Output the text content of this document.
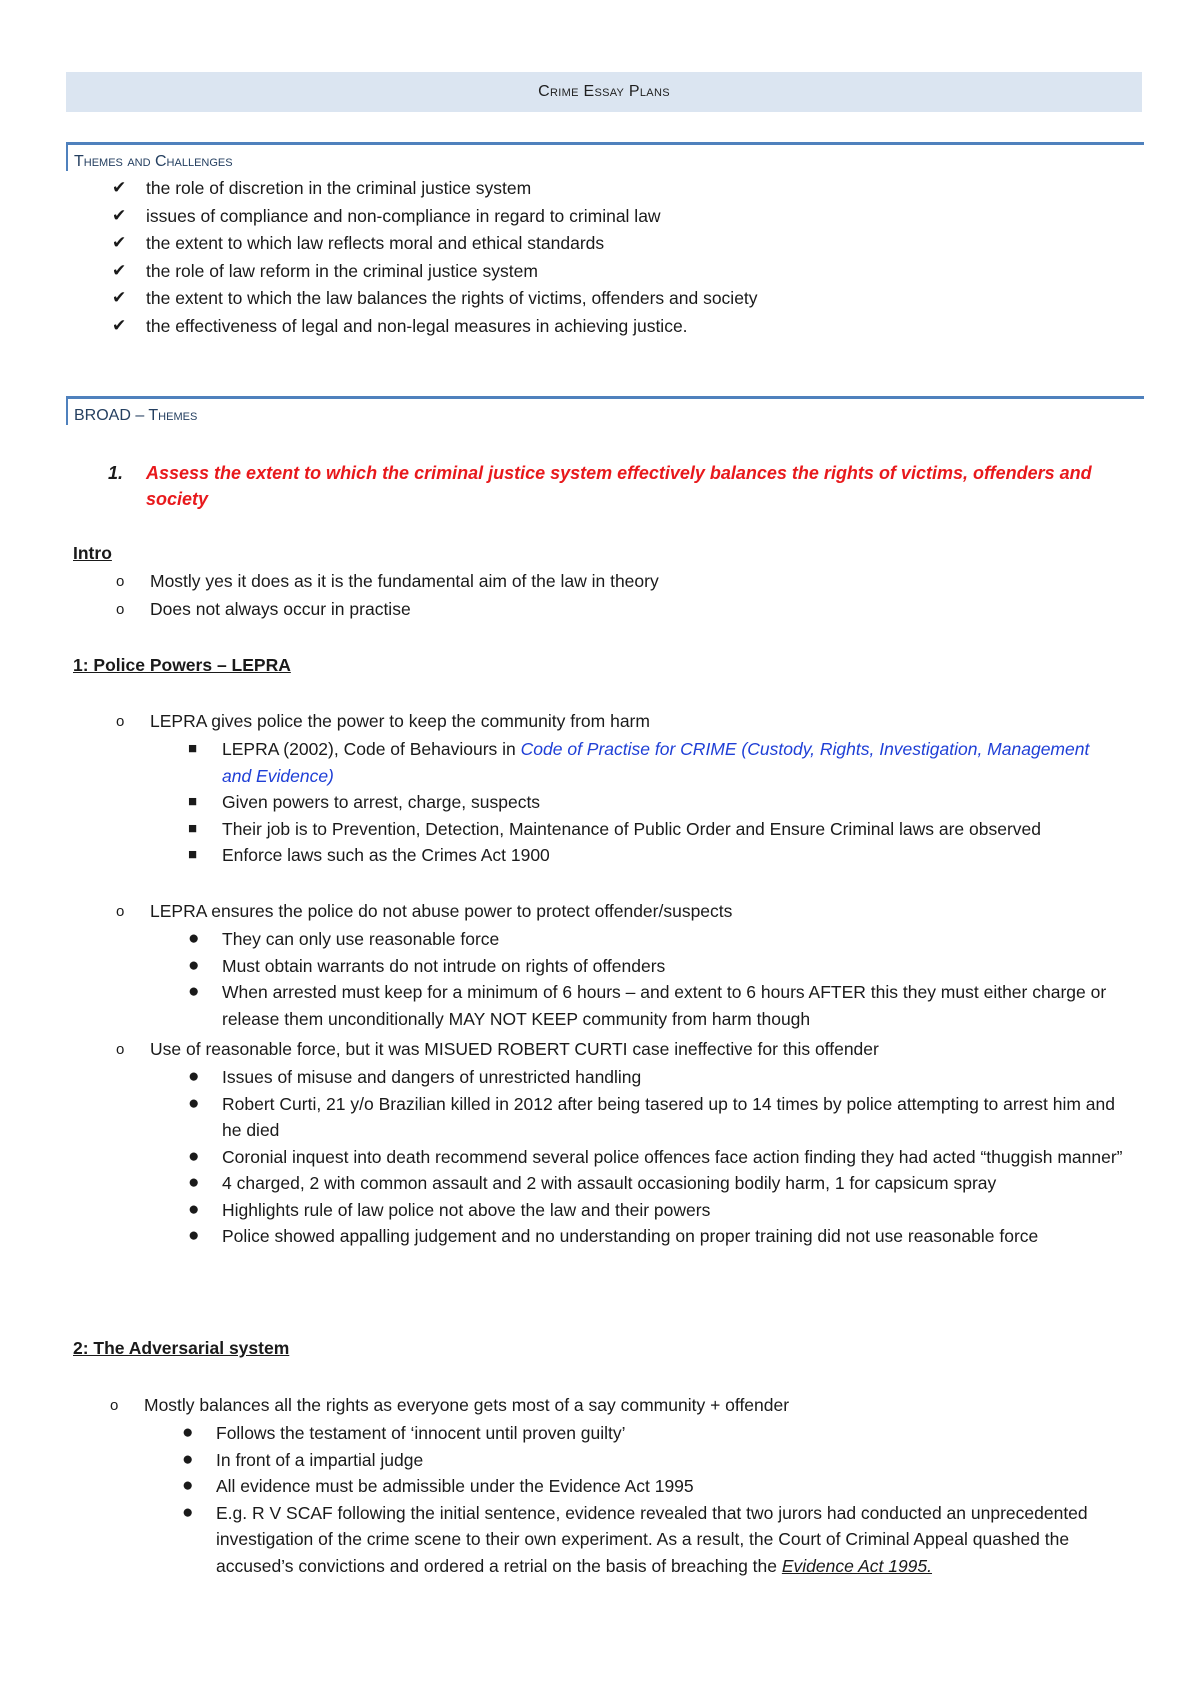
Crime Essay Plans
Themes and Challenges
✔	the role of discretion in the criminal justice system
✔	issues of compliance and non-compliance in regard to criminal law
✔	the extent to which law reflects moral and ethical standards
✔	the role of law reform in the criminal justice system
✔	the extent to which the law balances the rights of victims, offenders and society
✔	the effectiveness of legal and non-legal measures in achieving justice.
BROAD – Themes
1.	Assess the extent to which the criminal justice system effectively balances the rights of victims, offenders and society
Intro
o	Mostly yes it does as it is the fundamental aim of the law in theory
o	Does not always occur in practise
1: Police Powers – LEPRA
o	LEPRA gives police the power to keep the community from harm
■	LEPRA (2002), Code of Behaviours in Code of Practise for CRIME (Custody, Rights, Investigation, Management and Evidence)
■	Given powers to arrest, charge, suspects
■	Their job is to Prevention, Detection, Maintenance of Public Order and Ensure Criminal laws are observed
■	Enforce laws such as the Crimes Act 1900
o	LEPRA ensures the police do not abuse power to protect offender/suspects
●	They can only use reasonable force
●	Must obtain warrants do not intrude on rights of offenders
●	When arrested must keep for a minimum of 6 hours – and extent to 6 hours AFTER this they must either charge or release them unconditionally MAY NOT KEEP community from harm though
o	Use of reasonable force, but it was MISUED ROBERT CURTI case ineffective for this offender
●	Issues of misuse and dangers of unrestricted handling
●	Robert Curti, 21 y/o Brazilian killed in 2012 after being tasered up to 14 times by police attempting to arrest him and he died
●	Coronial inquest into death recommend several police offences face action finding they had acted “thuggish manner”
●	4 charged, 2 with common assault and 2 with assault occasioning bodily harm, 1 for capsicum spray
●	Highlights rule of law police not above the law and their powers
●	Police showed appalling judgement and no understanding on proper training did not use reasonable force
2: The Adversarial system
o	Mostly balances all the rights as everyone gets most of a say community + offender
●	Follows the testament of ‘innocent until proven guilty’
●	In front of a impartial judge
●	All evidence must be admissible under the Evidence Act 1995
●	E.g. R V SCAF following the initial sentence, evidence revealed that two jurors had conducted an unprecedented investigation of the crime scene to their own experiment. As a result, the Court of Criminal Appeal quashed the accused’s convictions and ordered a retrial on the basis of breaching the Evidence Act 1995.
